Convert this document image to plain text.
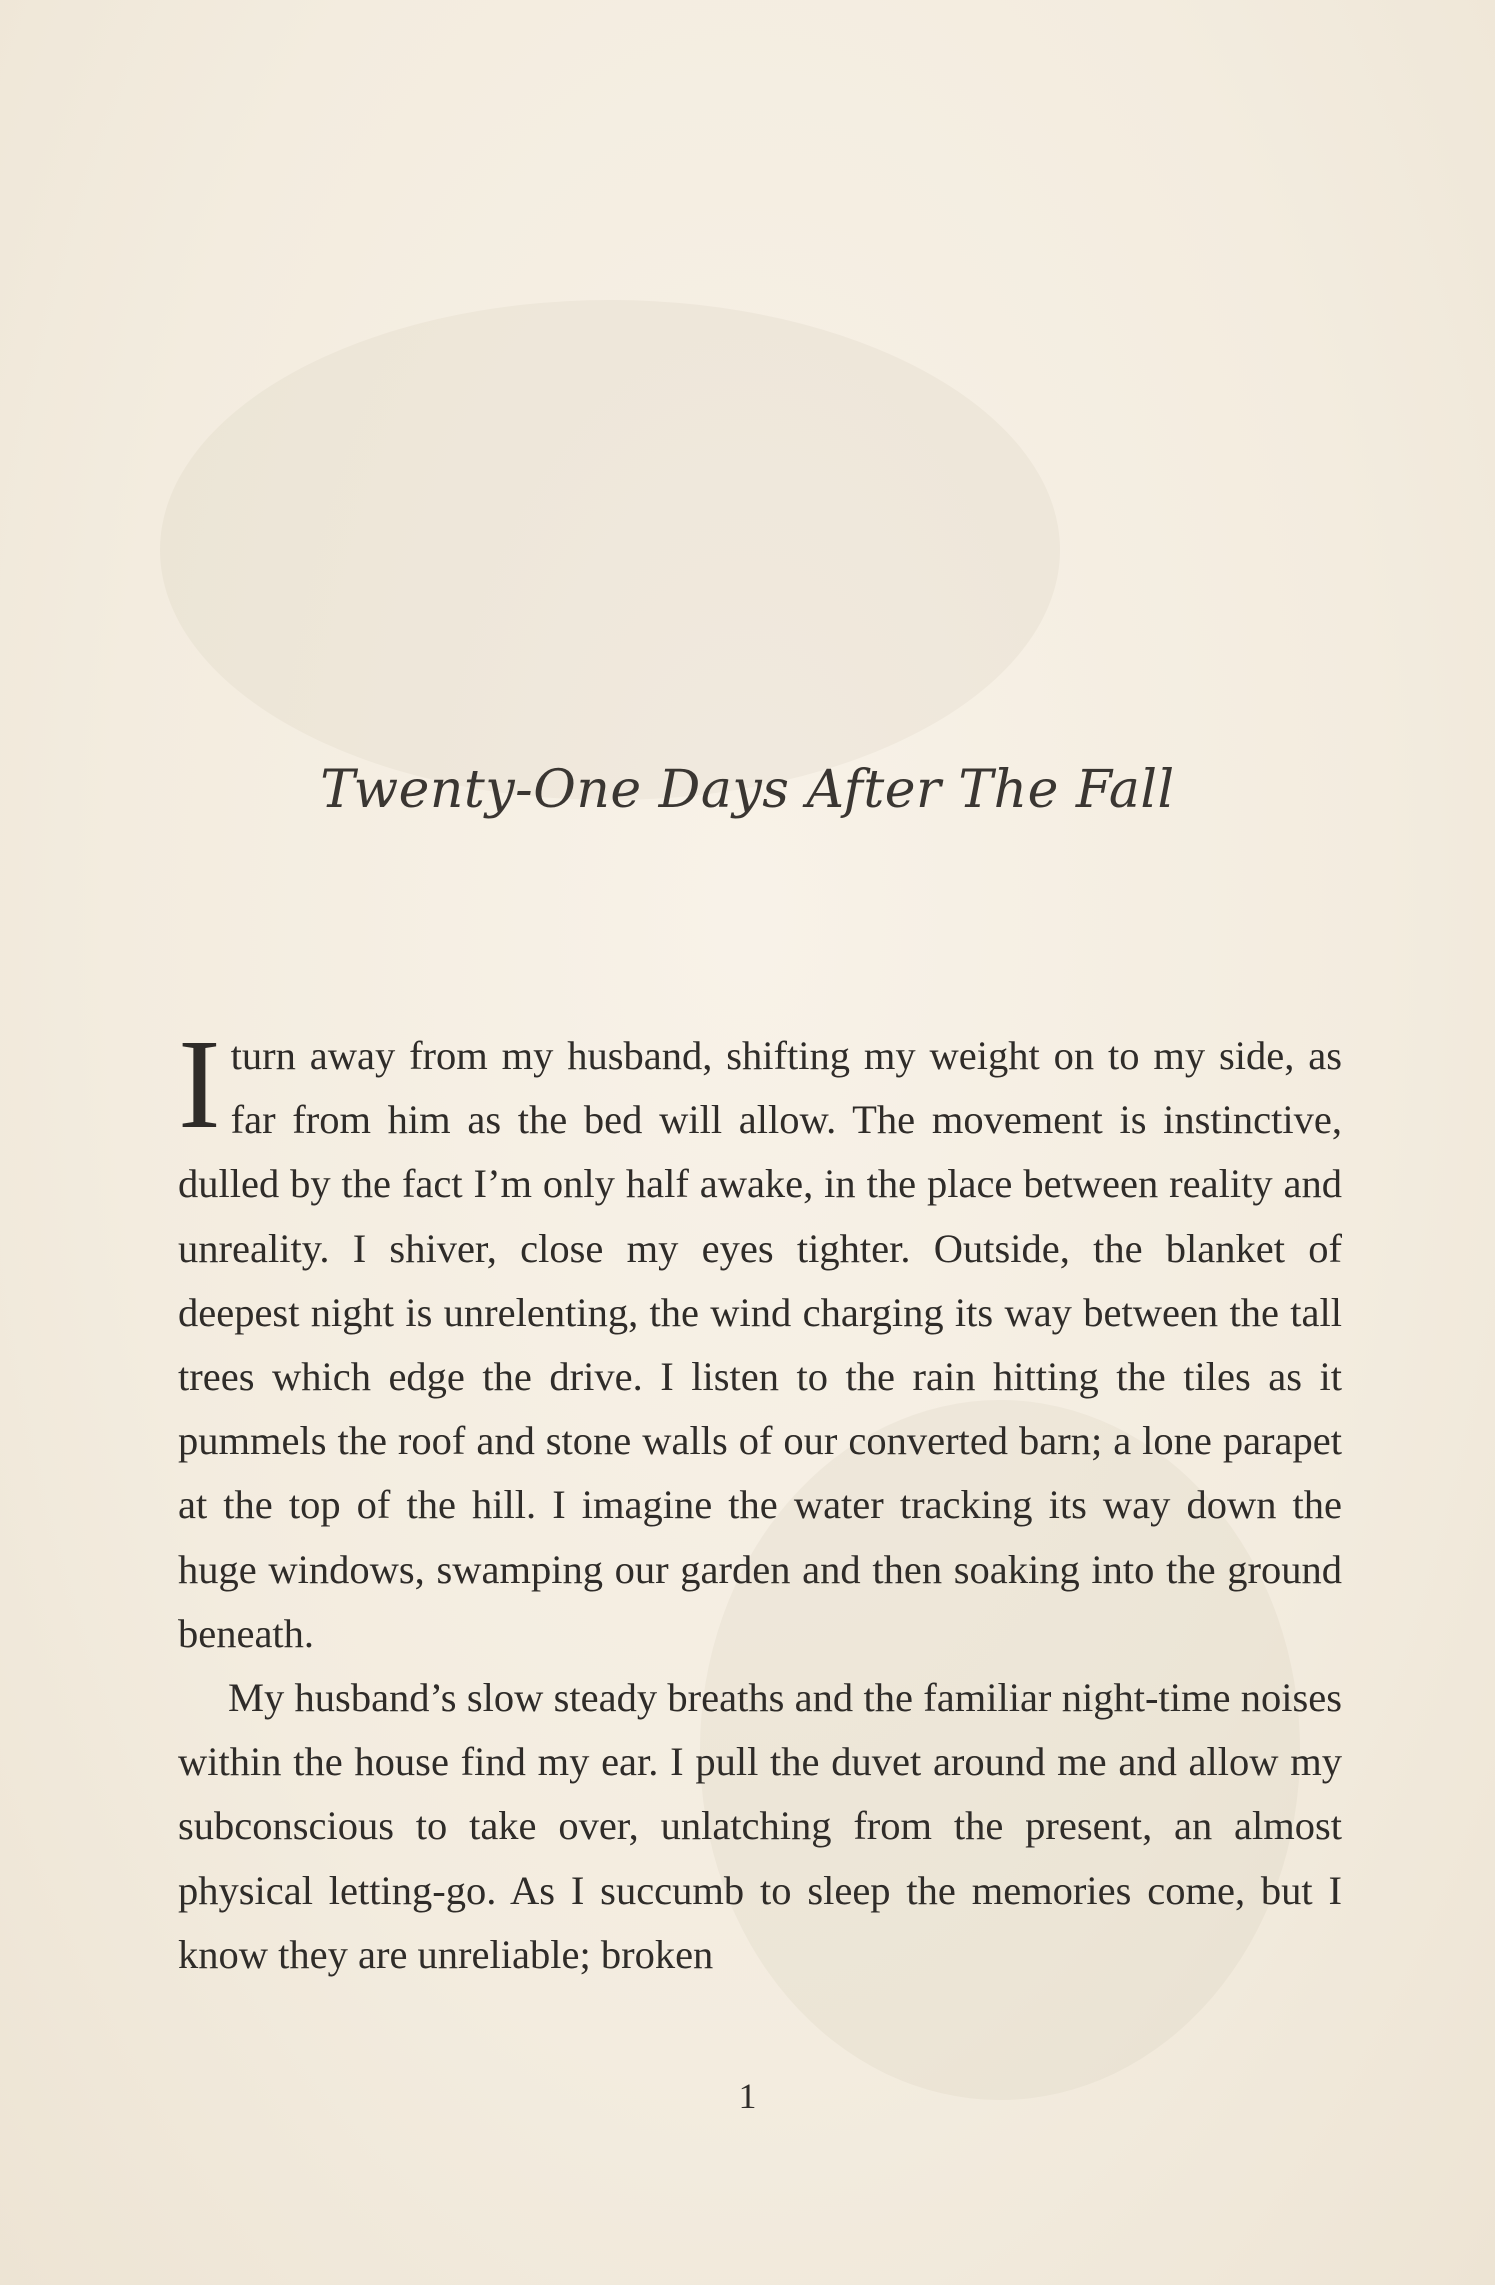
Twenty-One Days After The Fall

Iturn away from my husband, shifting my weight on to my side, as far from him as the bed will allow. The movement is instinctive, dulled by the fact I’m only half awake, in the place between reality and unreality. I shiver, close my eyes tighter. Outside, the blanket of deepest night is unrelenting, the wind charging its way between the tall trees which edge the drive. I listen to the rain hitting the tiles as it pummels the roof and stone walls of our converted barn; a lone parapet at the top of the hill. I imagine the water tracking its way down the huge windows, swamping our garden and then soaking into the ground beneath.

My husband’s slow steady breaths and the familiar night-time noises within the house find my ear. I pull the duvet around me and allow my subconscious to take over, unlatching from the present, an almost physical letting-go. As I succumb to sleep the memories come, but I know they are unreliable; broken

1
